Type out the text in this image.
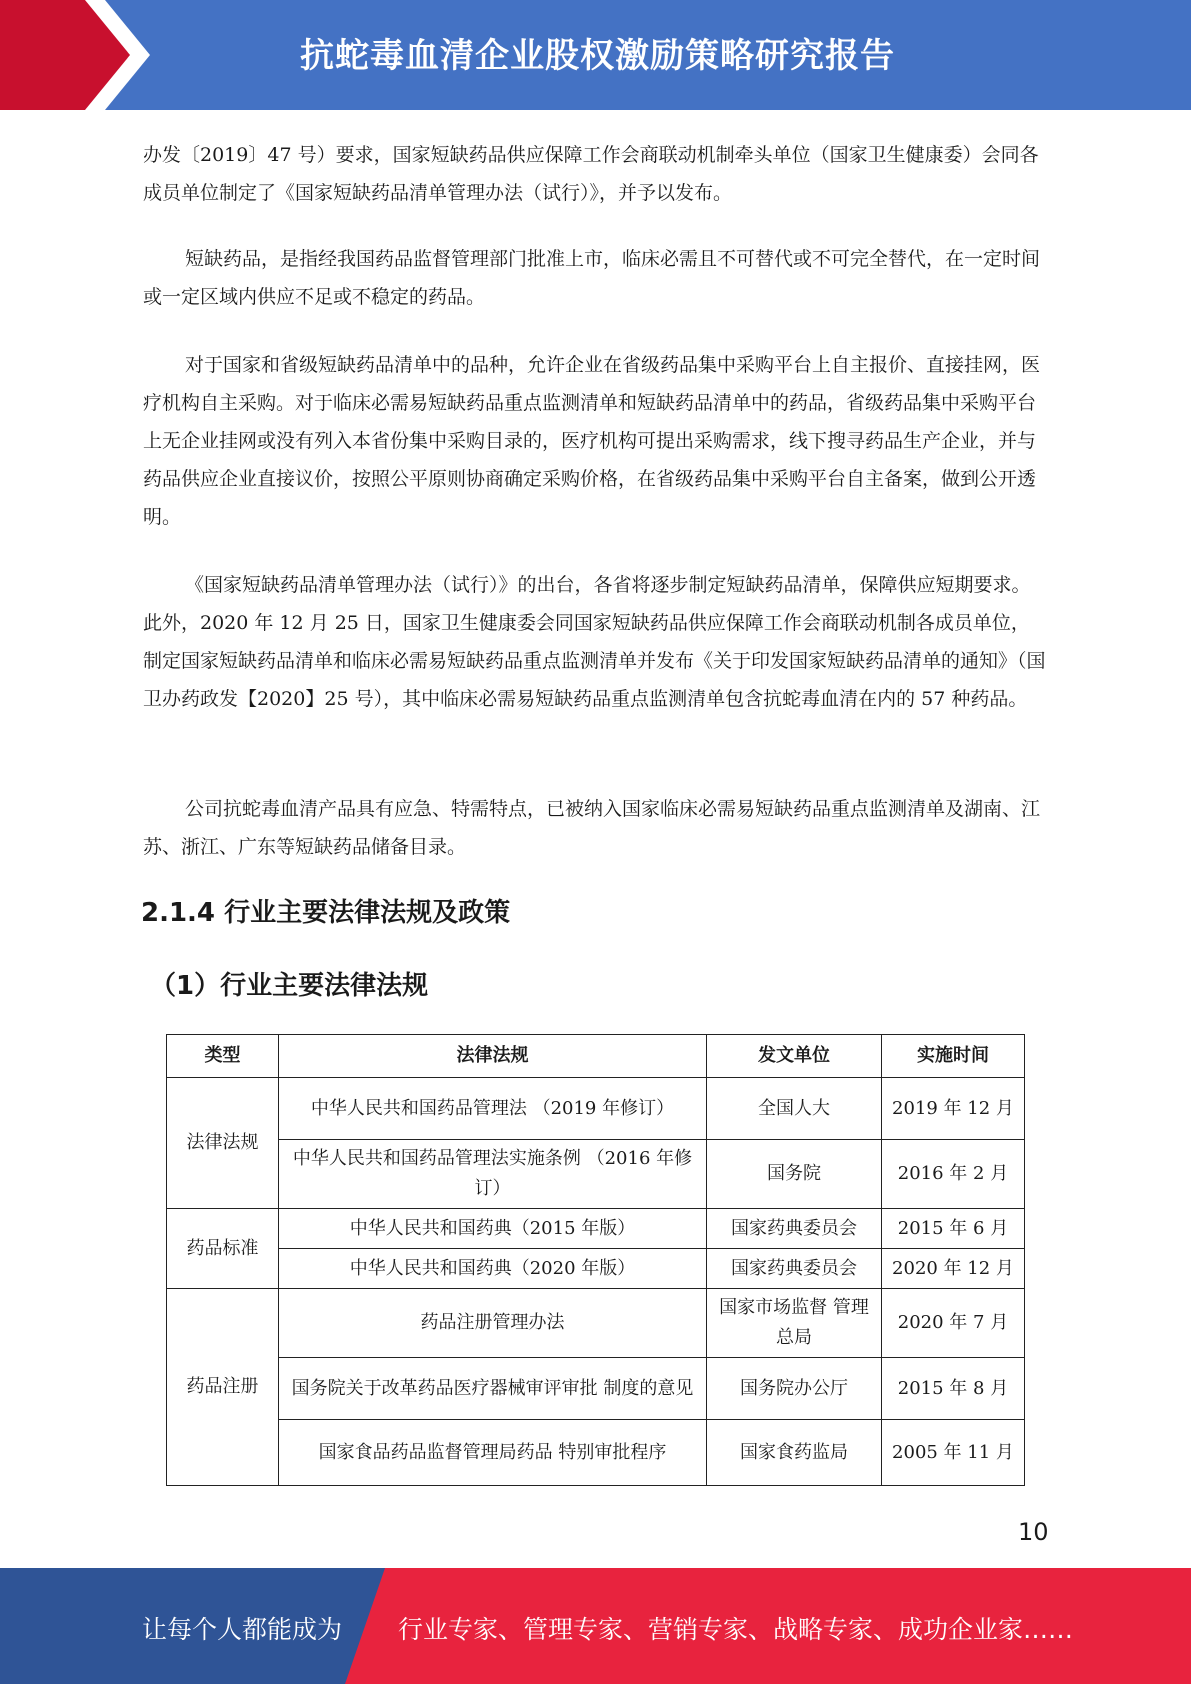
抗蛇毒血清企业股权激励策略研究报告

办发〔2019〕47 号）要求，国家短缺药品供应保障工作会商联动机制牵头单位（国家卫生健康委）会同各成员单位制定了《国家短缺药品清单管理办法（试行）》，并予以发布。

短缺药品，是指经我国药品监督管理部门批准上市，临床必需且不可替代或不可完全替代，在一定时间或一定区域内供应不足或不稳定的药品。

对于国家和省级短缺药品清单中的品种，允许企业在省级药品集中采购平台上自主报价、直接挂网，医疗机构自主采购。对于临床必需易短缺药品重点监测清单和短缺药品清单中的药品，省级药品集中采购平台上无企业挂网或没有列入本省份集中采购目录的，医疗机构可提出采购需求，线下搜寻药品生产企业，并与药品供应企业直接议价，按照公平原则协商确定采购价格，在省级药品集中采购平台自主备案，做到公开透明。

《国家短缺药品清单管理办法（试行）》的出台，各省将逐步制定短缺药品清单，保障供应短期要求。此外，2020 年 12 月 25 日，国家卫生健康委会同国家短缺药品供应保障工作会商联动机制各成员单位，制定国家短缺药品清单和临床必需易短缺药品重点监测清单并发布《关于印发国家短缺药品清单的通知》（国卫办药政发【2020】25 号），其中临床必需易短缺药品重点监测清单包含抗蛇毒血清在内的 57 种药品。

公司抗蛇毒血清产品具有应急、特需特点，已被纳入国家临床必需易短缺药品重点监测清单及湖南、江苏、浙江、广东等短缺药品储备目录。

2.1.4 行业主要法律法规及政策
（1）行业主要法律法规
类型	法律法规	发文单位	实施时间
法律法规	中华人民共和国药品管理法 （2019 年修订）	全国人大	2019 年 12 月
	中华人民共和国药品管理法实施条例 （2016 年修订）	国务院	2016 年 2 月
药品标准	中华人民共和国药典（2015 年版）	国家药典委员会	2015 年 6 月
	中华人民共和国药典（2020 年版）	国家药典委员会	2020 年 12 月
药品注册	药品注册管理办法	国家市场监督 管理总局	2020 年 7 月
	国务院关于改革药品医疗器械审评审批 制度的意见	国务院办公厅	2015 年 8 月
	国家食品药品监督管理局药品 特别审批程序	国家食药监局	2005 年 11 月
10
让每个人都能成为 行业专家、管理专家、营销专家、战略专家、成功企业家……
